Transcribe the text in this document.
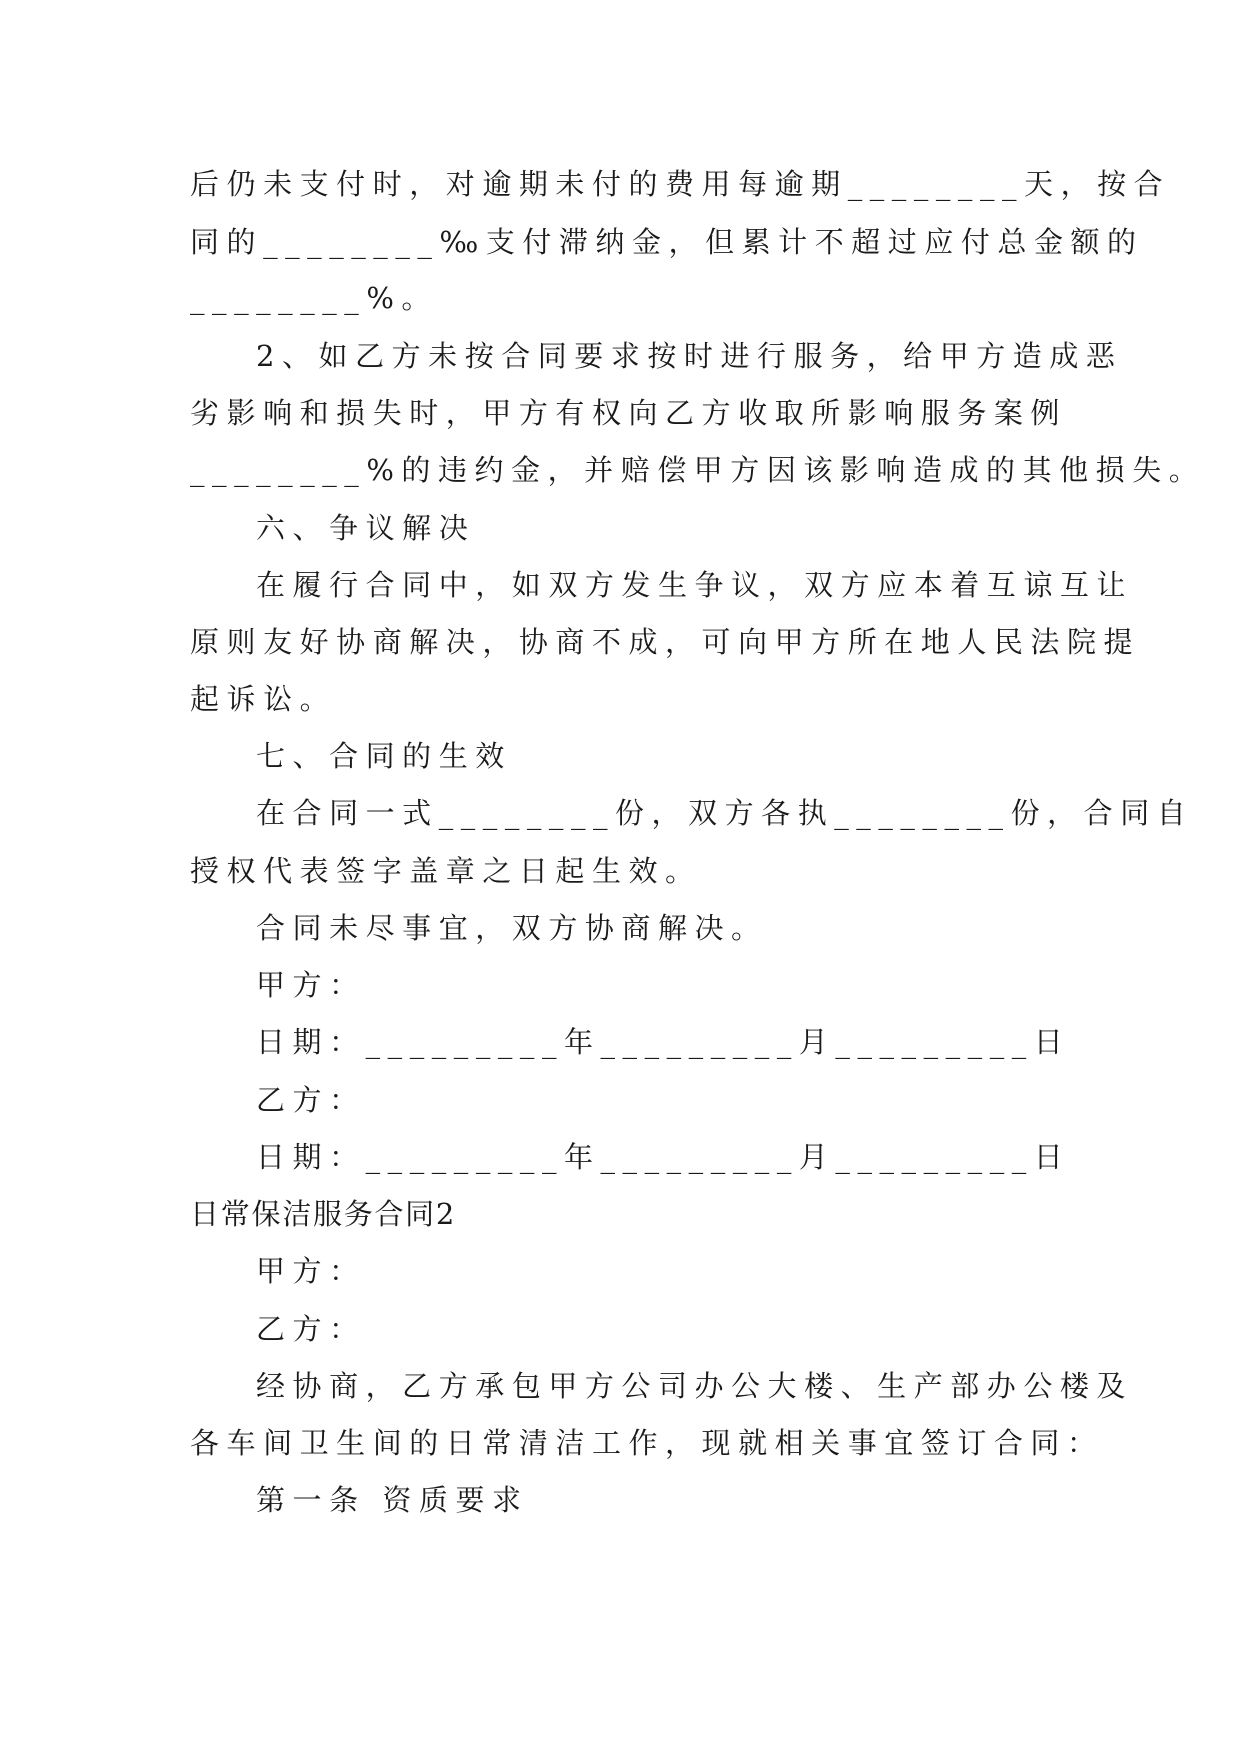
后仍未支付时，对逾期未付的费用每逾期________天，按合
同的________‰支付滞纳金，但累计不超过应付总金额的
________%。
2、如乙方未按合同要求按时进行服务，给甲方造成恶
劣影响和损失时，甲方有权向乙方收取所影响服务案例
________%的违约金，并赔偿甲方因该影响造成的其他损失。
六、争议解决
在履行合同中，如双方发生争议，双方应本着互谅互让
原则友好协商解决，协商不成，可向甲方所在地人民法院提
起诉讼。
七、合同的生效
在合同一式________份，双方各执________份，合同自
授权代表签字盖章之日起生效。
合同未尽事宜，双方协商解决。
甲方：
日期：_________年_________月_________日
乙方：
日期：_________年_________月_________日
日常保洁服务合同2
甲方：
乙方：
经协商，乙方承包甲方公司办公大楼、生产部办公楼及
各车间卫生间的日常清洁工作，现就相关事宜签订合同：
第一条 资质要求
